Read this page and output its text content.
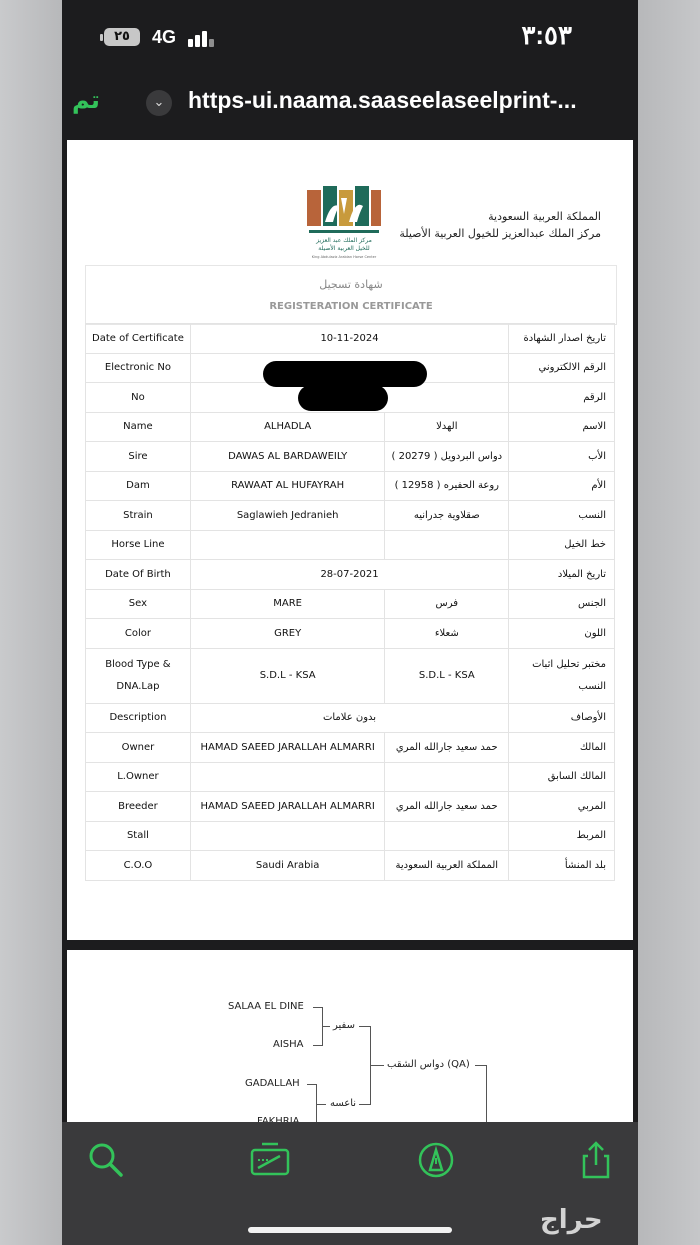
٢٥	4G	٣:٥٣
تم	⌄	https-ui.naama.saaseelaseelprint-...
مركز الملك عبد العزيز
للخيل العربية الأصيلة
King Abdulaziz Arabian Horse Center
المملكة العربية السعودية
مركز الملك عبدالعزيز للخيول العربية الأصيلة
شهادة تسجيل
REGISTERATION CERTIFICATE
Date of Certificate	10-11-2024		تاريخ اصدار الشهادة
Electronic No			الرقم الالكتروني
No			الرقم
Name	ALHADLA	الهدلا	الاسم
Sire	DAWAS AL BARDAWEILY	دواس البردويل ( 20279 )	الأب
Dam	RAWAAT AL HUFAYRAH	روعة الحفيره ( 12958 )	الأم
Strain	Saglawieh Jedranieh	صقلاوية جدرانيه	النسب
Horse Line			خط الخيل
Date Of Birth	28-07-2021		تاريخ الميلاد
Sex	MARE	فرس	الجنس
Color	GREY	شعلاء	اللون
Blood Type & DNA.Lap	S.D.L - KSA	S.D.L - KSA	مختبر تحليل اثبات النسب
Description	بدون علامات		الأوصاف
Owner	HAMAD SAEED JARALLAH ALMARRI	حمد سعيد جارالله المري	المالك
L.Owner			المالك السابق
Breeder	HAMAD SAEED JARALLAH ALMARRI	حمد سعيد جارالله المري	المربي
Stall			المربط
C.O.O	Saudi Arabia	المملكة العربية السعودية	بلد المنشأ
SALAA EL DINE
AISHA
سفير
GADALLAH
ناعسه
دواس الشقب (QA)
حراج
